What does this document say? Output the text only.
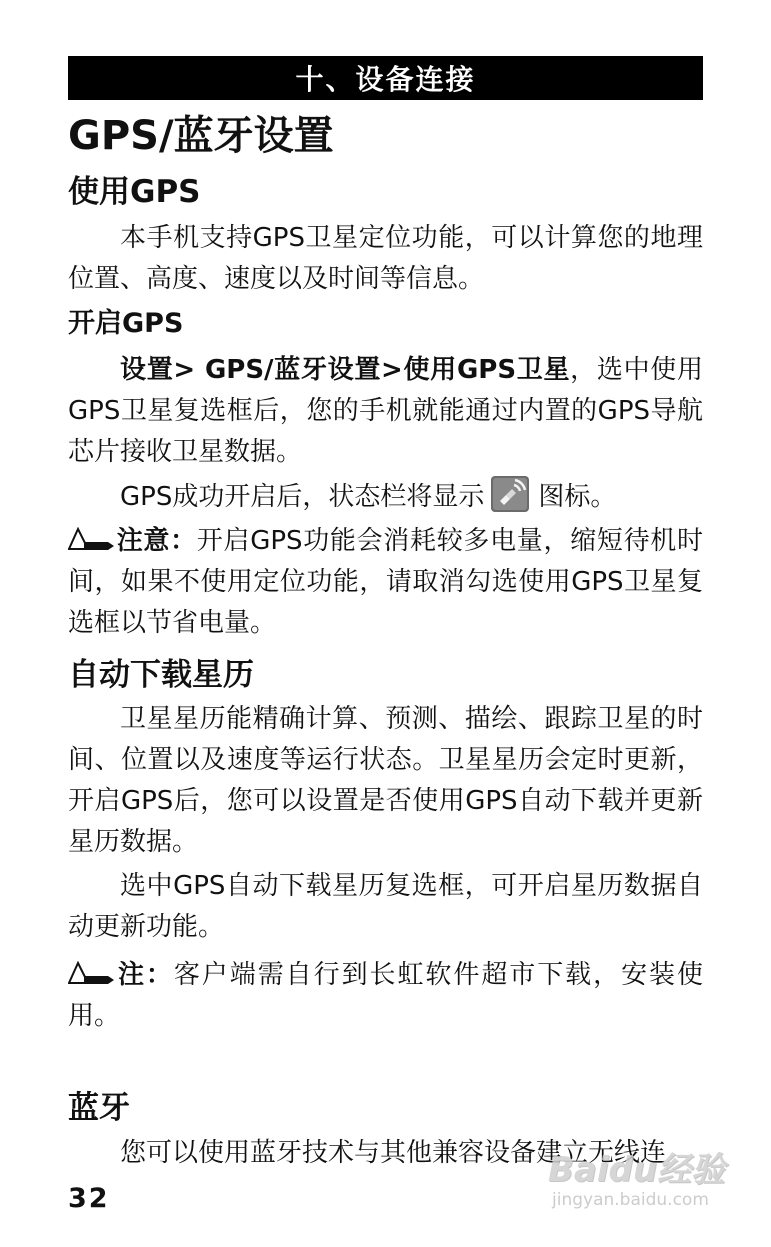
十、设备连接
GPS/蓝牙设置
使用GPS
本手机支持GPS卫星定位功能，可以计算您的地理位置、高度、速度以及时间等信息。
开启GPS
设置> GPS/蓝牙设置>使用GPS卫星，选中使用GPS卫星复选框后，您的手机就能通过内置的GPS导航芯片接收卫星数据。
GPS成功开启后，状态栏将显示 图标。
注意：开启GPS功能会消耗较多电量，缩短待机时间，如果不使用定位功能，请取消勾选使用GPS卫星复选框以节省电量。
自动下载星历
卫星星历能精确计算、预测、描绘、跟踪卫星的时间、位置以及速度等运行状态。卫星星历会定时更新，开启GPS后，您可以设置是否使用GPS自动下载并更新星历数据。
选中GPS自动下载星历复选框，可开启星历数据自动更新功能。
注：客户端需自行到长虹软件超市下载，安装使用。
蓝牙
您可以使用蓝牙技术与其他兼容设备建立无线连
32
Baidu经验
jingyan.baidu.com
